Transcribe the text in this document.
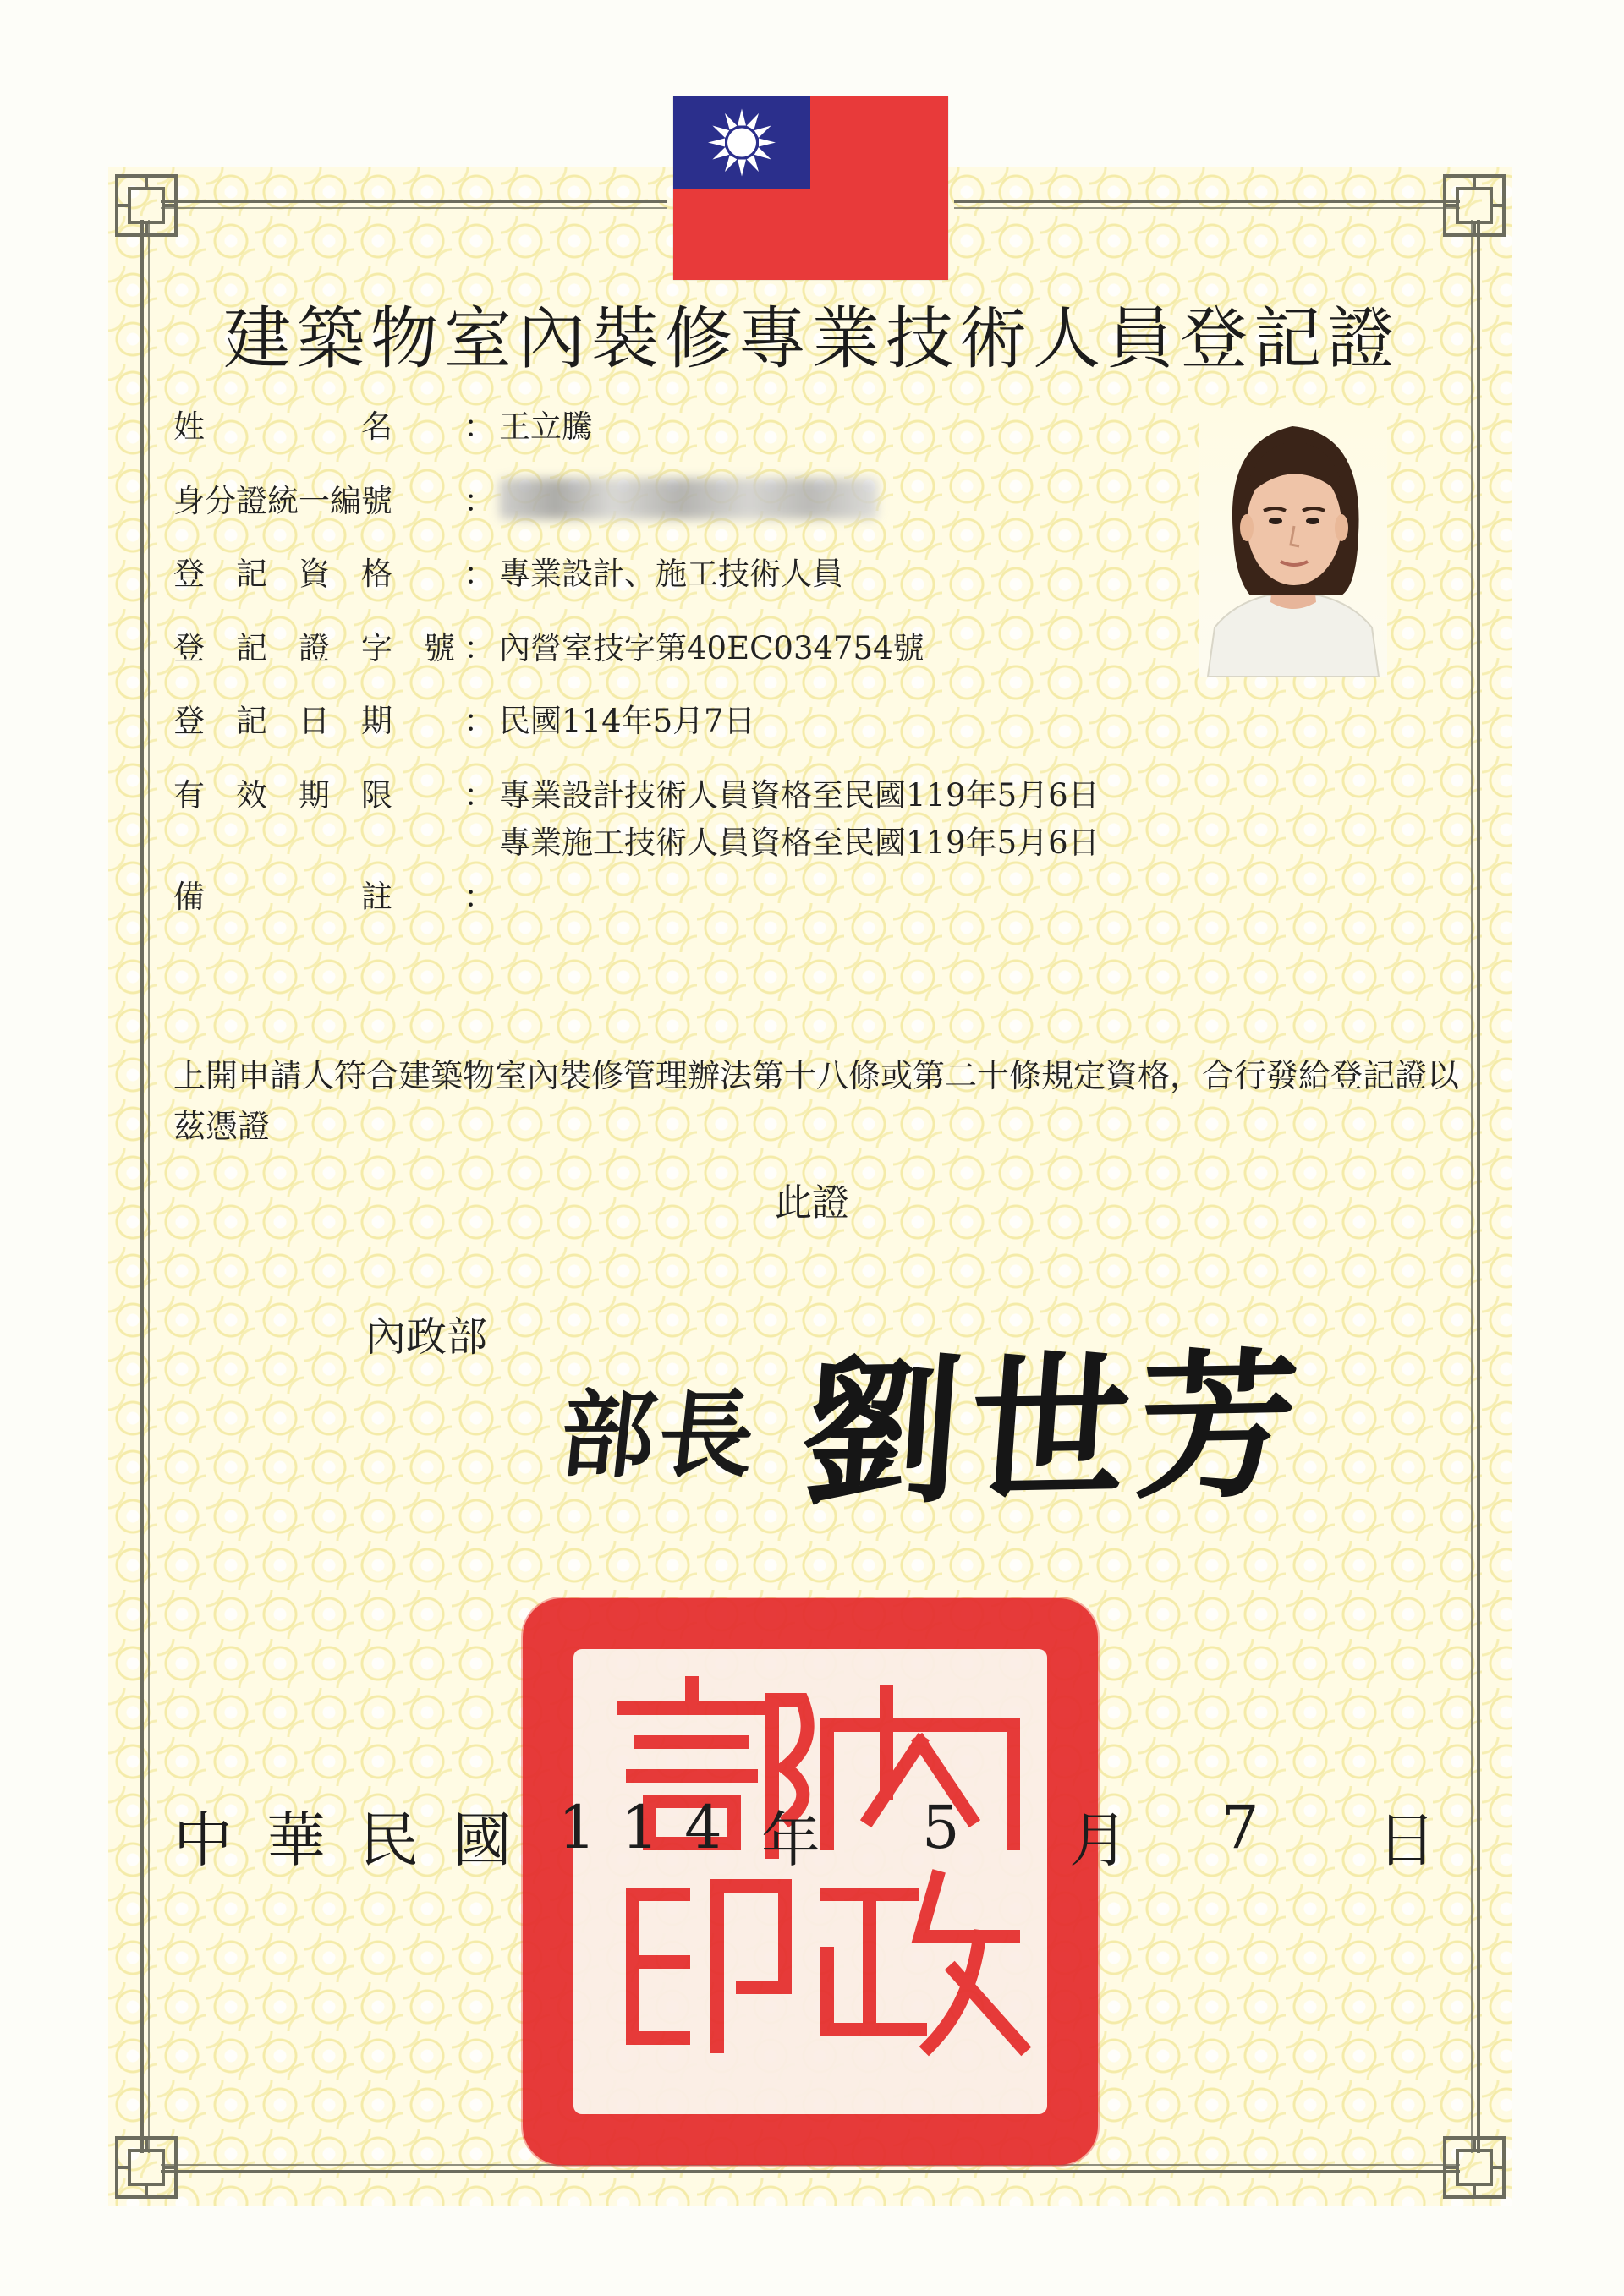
建築物室內裝修專業技術人員登記證
姓　　　　　名	： 王立騰
身分證統一編號	：
登　記　資　格	： 專業設計、施工技術人員
登　記　證　字　號 ： 內營室技字第40EC034754號
登　記　日　期	： 民國114年5月7日
有　效　期　限	： 專業設計技術人員資格至民國119年5月6日
專業施工技術人員資格至民國119年5月6日
備　　　　　註	：
上開申請人符合建築物室內裝修管理辦法第十八條或第二十條規定資格，合行發給登記證以茲憑證
此證
內政部
部長 劉世芳
中華民國 114 年 5 月 7 日
